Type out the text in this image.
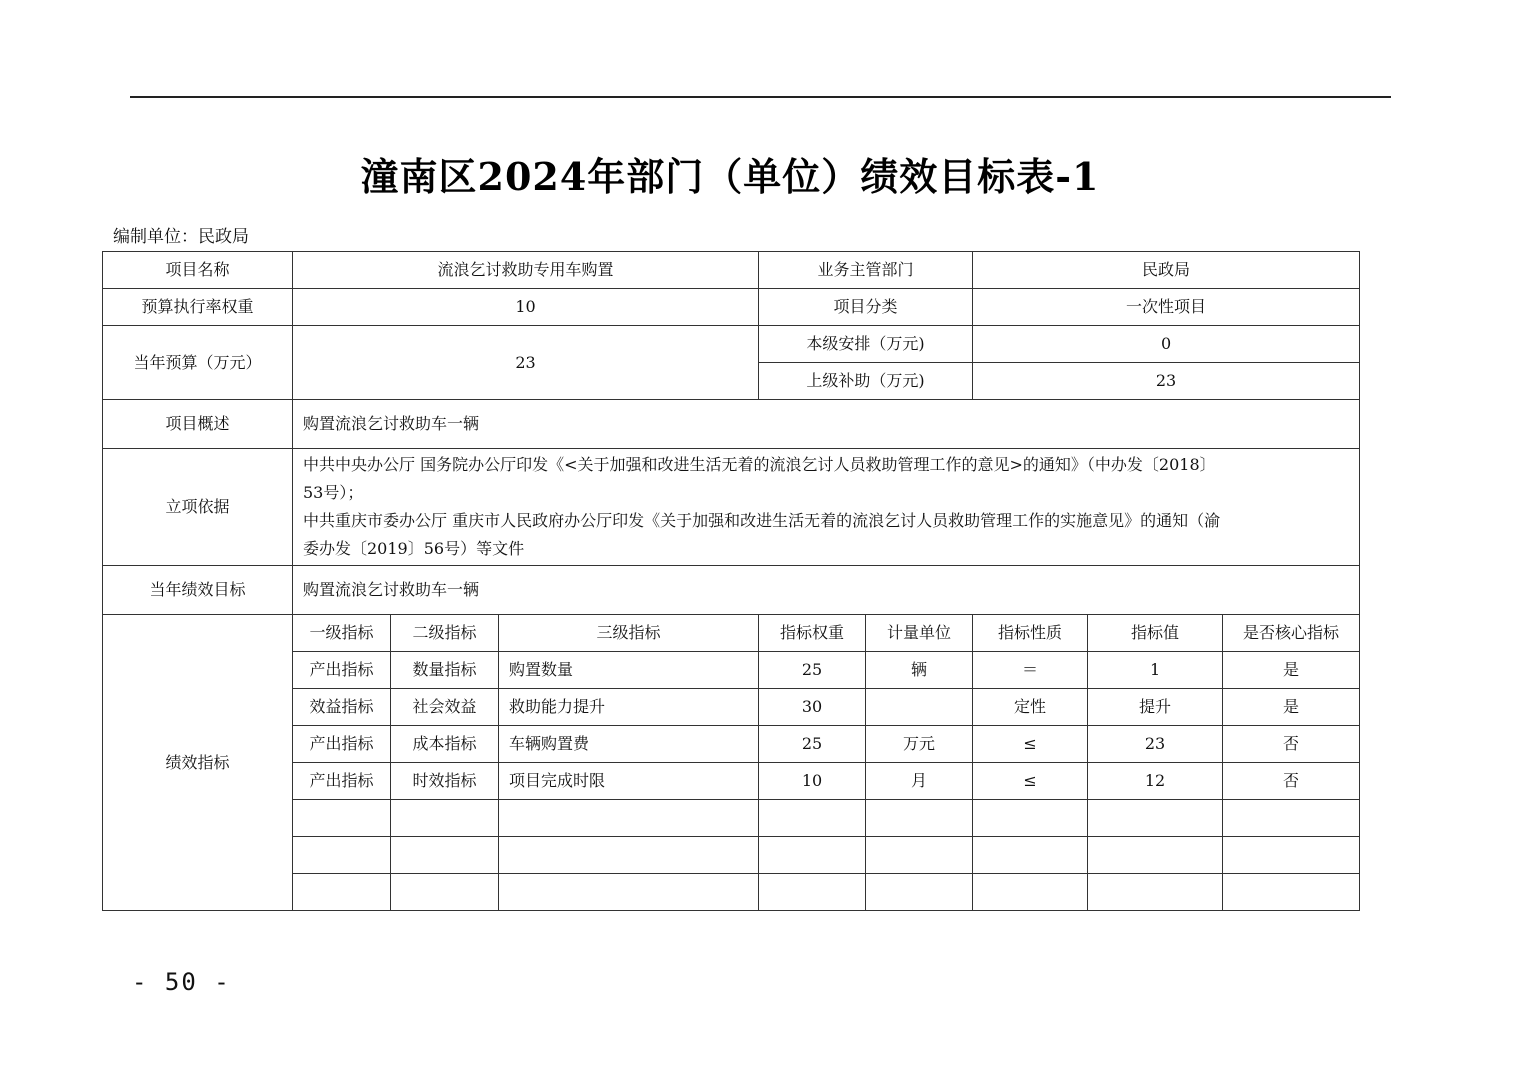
潼南区2024年部门（单位）绩效目标表-1
编制单位：民政局
项目名称	流浪乞讨救助专用车购置			业务主管部门		民政局		
预算执行率权重	10			项目分类		一次性项目		
当年预算（万元）	23			本级安排（万元)		0		
				上级补助（万元)		23		
项目概述	购置流浪乞讨救助车一辆							
立项依据	中共中央办公厅 国务院办公厅印发《<关于加强和改进生活无着的流浪乞讨人员救助管理工作的意见>的通知》（中办发〔2018〕
53号）；
中共重庆市委办公厅 重庆市人民政府办公厅印发《关于加强和改进生活无着的流浪乞讨人员救助管理工作的实施意见》的通知（渝
委办发〔2019〕56号）等文件							

当年绩效目标	购置流浪乞讨救助车一辆							
绩效指标	一级指标	二级指标	三级指标	指标权重	计量单位	指标性质	指标值	是否核心指标
	产出指标	数量指标	购置数量	25	辆	＝	1	是
	效益指标	社会效益	救助能力提升	30		定性	提升	是
	产出指标	成本指标	车辆购置费	25	万元	≤	23	否
	产出指标	时效指标	项目完成时限	10	月	≤	12	否

- 50 -
